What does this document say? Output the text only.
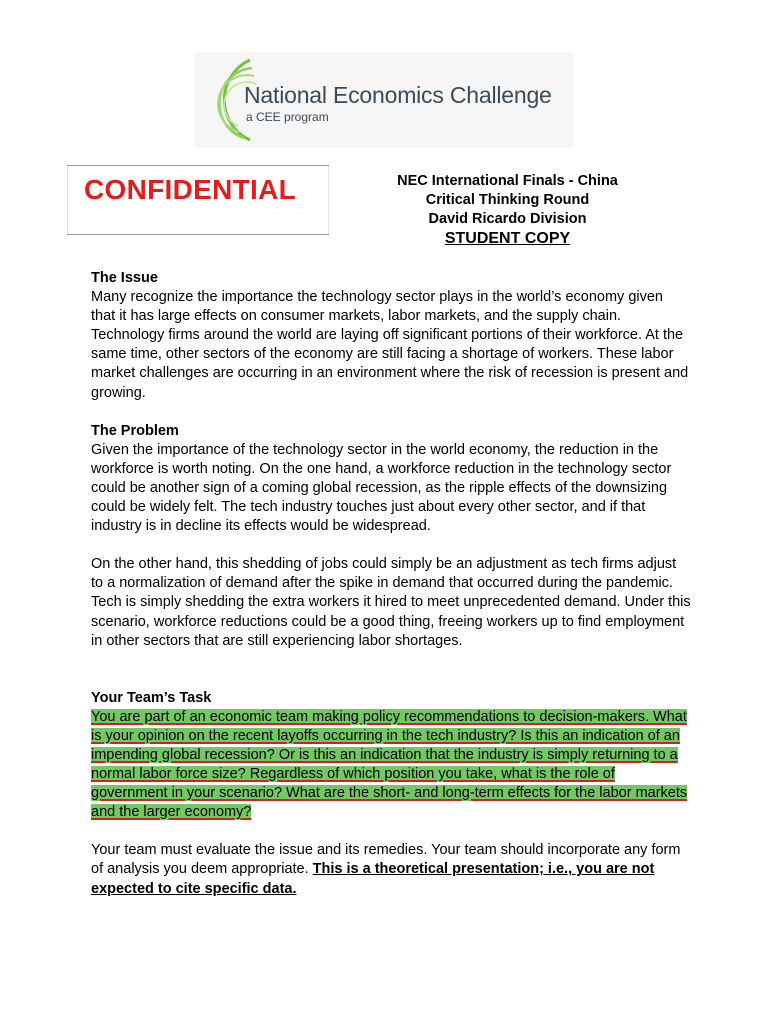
National Economics Challenge
a CEE program
CONFIDENTIAL	NEC International Finals - China
Critical Thinking Round
David Ricardo Division
STUDENT COPY

The Issue

Many recognize the importance the technology sector plays in the world’s economy given that it has large effects on consumer markets, labor markets, and the supply chain. Technology firms around the world are laying off significant portions of their workforce. At the same time, other sectors of the economy are still facing a shortage of workers. These labor market challenges are occurring in an environment where the risk of recession is present and growing.

The Problem

Given the importance of the technology sector in the world economy, the reduction in the workforce is worth noting. On the one hand, a workforce reduction in the technology sector could be another sign of a coming global recession, as the ripple effects of the downsizing could be widely felt. The tech industry touches just about every other sector, and if that industry is in decline its effects would be widespread.

On the other hand, this shedding of jobs could simply be an adjustment as tech firms adjust to a normalization of demand after the spike in demand that occurred during the pandemic. Tech is simply shedding the extra workers it hired to meet unprecedented demand. Under this scenario, workforce reductions could be a good thing, freeing workers up to find employment in other sectors that are still experiencing labor shortages.

Your Team’s Task

You are part of an economic team making policy recommendations to decision-makers. What is your opinion on the recent layoffs occurring in the tech industry? Is this an indication of an impending global recession? Or is this an indication that the industry is simply returning to a normal labor force size? Regardless of which position you take, what is the role of government in your scenario? What are the short- and long-term effects for the labor markets and the larger economy?

Your team must evaluate the issue and its remedies. Your team should incorporate any form of analysis you deem appropriate. This is a theoretical presentation; i.e., you are not expected to cite specific data.
